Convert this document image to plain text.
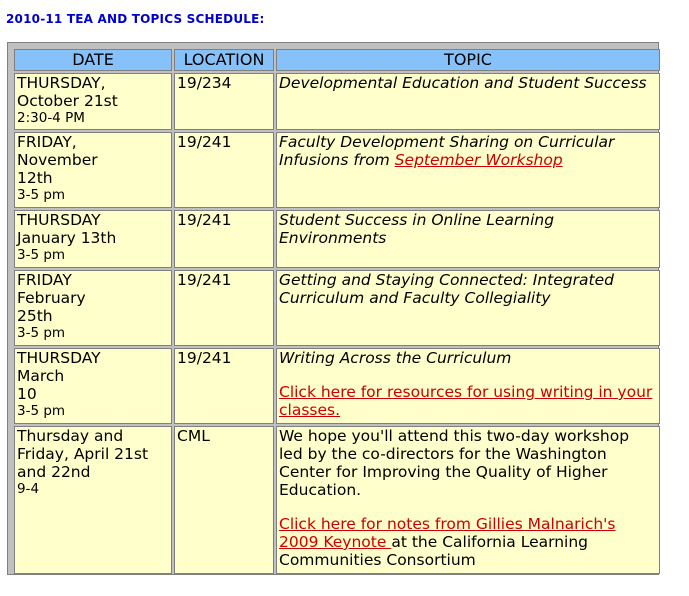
2010-11 TEA AND TOPICS SCHEDULE:
DATE	LOCATION	TOPIC

THURSDAY,
October 21st
2:30-4 PM	19/234	Developmental Education and Student Success

FRIDAY,
November
12th
3-5 pm	19/241	Faculty Development Sharing on Curricular Infusions from September Workshop

THURSDAY
January 13th
3-5 pm	19/241	Student Success in Online Learning Environments

FRIDAY
February
25th
3-5 pm	19/241	Getting and Staying Connected: Integrated Curriculum and Faculty Collegiality

THURSDAY
March
10
3-5 pm	19/241	Writing Across the Curriculum
Click here for resources for using writing in your classes.

Thursday and Friday, April 21st and 22nd
9-4	CML	We hope you'll attend this two-day workshop led by the co-directors for the Washington Center for Improving the Quality of Higher Education.
Click here for notes from Gillies Malnarich's 2009 Keynote at the California Learning Communities Consortium
